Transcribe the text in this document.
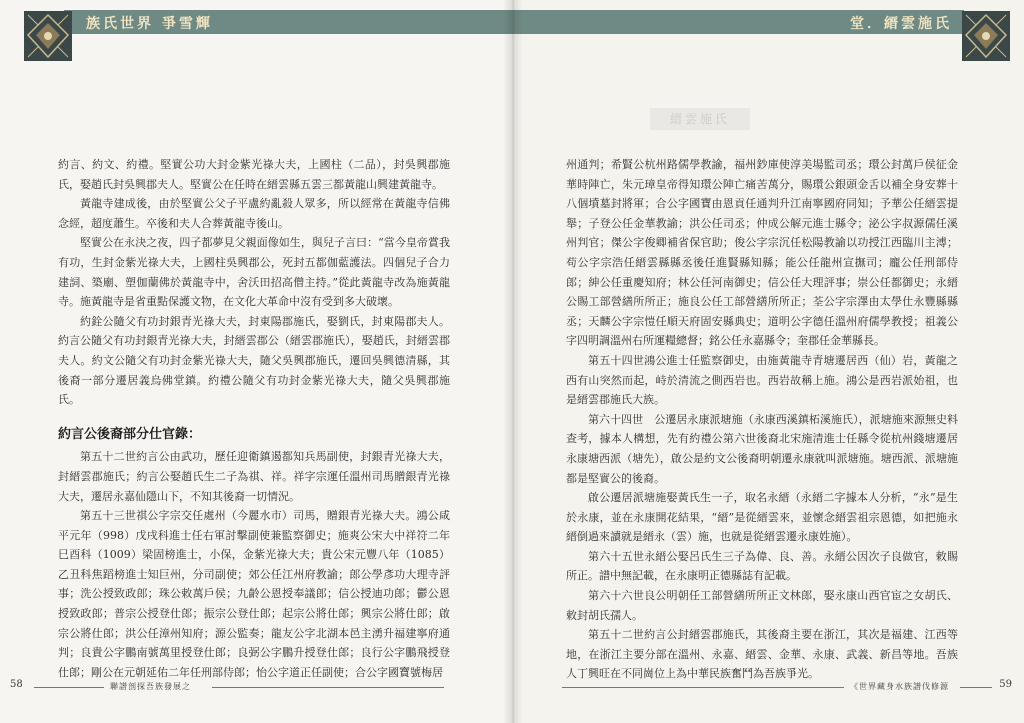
族氏世界 爭雪輝

約言、約文、約禮。堅實公功大封金紫光祿大夫，上國柱（二品），封吳興郡施氏，娶趙氏封吳興郡夫人。堅實公在任時在縉雲縣五雲三都黃龍山興建黃龍寺。

黃龍寺建成後，由於堅實公父子平盧約亂殺人眾多，所以經常在黃龍寺信佛念經，超度蕭生。卒後和夫人合葬黃龍寺後山。

堅實公在永決之夜，四子都夢見父親面像如生，與兒子言曰：“當今皇帝賞我有功，生封金紫光祿大夫，上國柱吳興郡公，死封五都伽藍護法。四個兒子合力建詞、築廟、塑伽蘭佛於黃龍寺中，舍沃田招高僧主持。”從此黃龍寺改為施黃龍寺。施黃龍寺是省重點保護文物，在文化大革命中沒有受到多大破壞。

約銓公隨父有功封銀青光祿大夫，封東陽郡施氏，娶劉氏，封東陽郡夫人。約言公隨父有功封銀青光祿大夫，封縉雲郡公（縉雲郡施氏），娶趙氏，封縉雲郡夫人。約文公隨父有功封金紫光祿大夫，隨父吳興郡施氏，遷回吳興德清縣，其後裔一部分遷居義烏佛堂鎮。約禮公隨父有功封金紫光祿大夫，隨父吳興郡施氏。

約言公後裔部分仕官錄：

第五十二世約言公由武功，歷任迎衛鎮遏都知兵馬副使，封銀青光祿大夫，封縉雲郡施氏；約言公娶趙氏生二子為祺、祥。祥字宗運任溫州司馬贈銀青光祿大夫，遷居永嘉仙隱山下，不知其後裔一切情況。

第五十三世祺公字宗交任處州（今麗水市）司馬，贈銀青光祿大夫。鴻公咸平元年（998）戊戌科進士任右軍討擊副使兼監察御史；施爽公宋大中祥符二年巳酉科（1009）梁固榜進士，小保，金紫光祿大夫；貴公宋元豐八年（1085）乙丑科焦蹈榜進士知巨州，分司副使；郊公任江州府教諭；郎公學彥功大理寺評事；洗公授致政郎；珠公敕萬戶侯；九齡公恩授奉議郎；信公授迪功郎；鬱公恩授致政郎；普宗公授登仕郎；振宗公登仕郎；起宗公將仕郎；興宗公將仕郎；啟宗公將仕郎；洪公任漳州知府；源公監奏；龍友公字北湖本邑主湧升福建寧府通判；良貴公字鵬南號萬里授登仕郎；良弼公字鵬升授登仕郎；良行公字鵬飛授登仕郎；剛公在元朝延佑二年任刑部侍郎；怡公字道正任副使；合公字國寶號梅居

58	聯譜剖探吾族發展之
堂．縉雲施氏
縉雲施氏

州通判；希賢公杭州路儒學教諭，福州鈔庫使淳美場監司丞；環公封萬戶侯征金華時陣亡，朱元璋皇帝得知環公陣亡痛苦萬分，賜環公銀頭金舌以補全身安葬十八個墳墓封將軍；合公字國寶由恩貢任通判升江南寧國府同知；予華公任縉雲提舉；子登公任金華教諭；洪公任司丞；仲成公解元進士縣令；泌公字叔源儒任溪州判官；傑公字俊卿補省保官助；俊公字宗沉任松陽教諭以功授江西臨川主溥；苟公字宗浩任縉雲縣縣丞後任進賢縣知縣；能公任龍州宣撫司；龐公任刑部侍郎；紳公任重慶知府；林公任河南御史；信公任大理評事；崇公任都御史；永縉公賜工部營繕所所正；施良公任工部營繕所所正；荃公字宗澤由太學仕永豐縣縣丞；天麟公字宗愷任順天府固安縣典史；道明公字德任溫州府儒學教授；祖義公字四明調溫州右所運糧總督；銘公任永嘉縣令；奎郡任金華縣長。

第五十四世鴻公進士任監察御史，由施黃龍寺青塘遷居西（仙）岩，黃龍之西有山突然而起，峙於清流之側西岩也。西岩故稱上施。鴻公是西岩派始祖，也是縉雲郡施氏大族。

第六十四世　公遷居永康派塘施（永康西溪鎮柘溪施氏），派塘施來源無史料查考，據本人構想，先有約禮公第六世後裔北宋施清進士任縣令從杭州錢塘遷居永康塘西派（塘先），啟公是約文公後裔明朝遷永康就叫派塘施。塘西派、派塘施都是堅實公的後裔。

啟公遷居派塘施娶黃氏生一子，取名永縉（永縉二字據本人分析，“永”是生於永康，並在永康開花結果，“縉”是從縉雲來，並懷念縉雲祖宗恩德，如把施永縉倒過來讀就是縉永（雲）施，也就是從縉雲遷永康姓施）。

第六十五世永縉公娶呂氏生三子為偉、良、善。永縉公因次子良做官，敕賜所正。譜中無記載，在永康明正德縣誌有記載。

第六十六世良公明朝任工部營繕所所正文林郎，娶永康山西官宦之女胡氏、敕封胡氏孺人。

第五十二世約言公封縉雲郡施氏，其後裔主要在浙江，其次是福建、江西等地，在浙江主要分部在溫州、永嘉、縉雲、金華、永康、武義、新昌等地。吾族人丁興旺在不同崗位上為中華民族奮鬥為吾族爭光。

《世界藏身水族譜伐修源	59
